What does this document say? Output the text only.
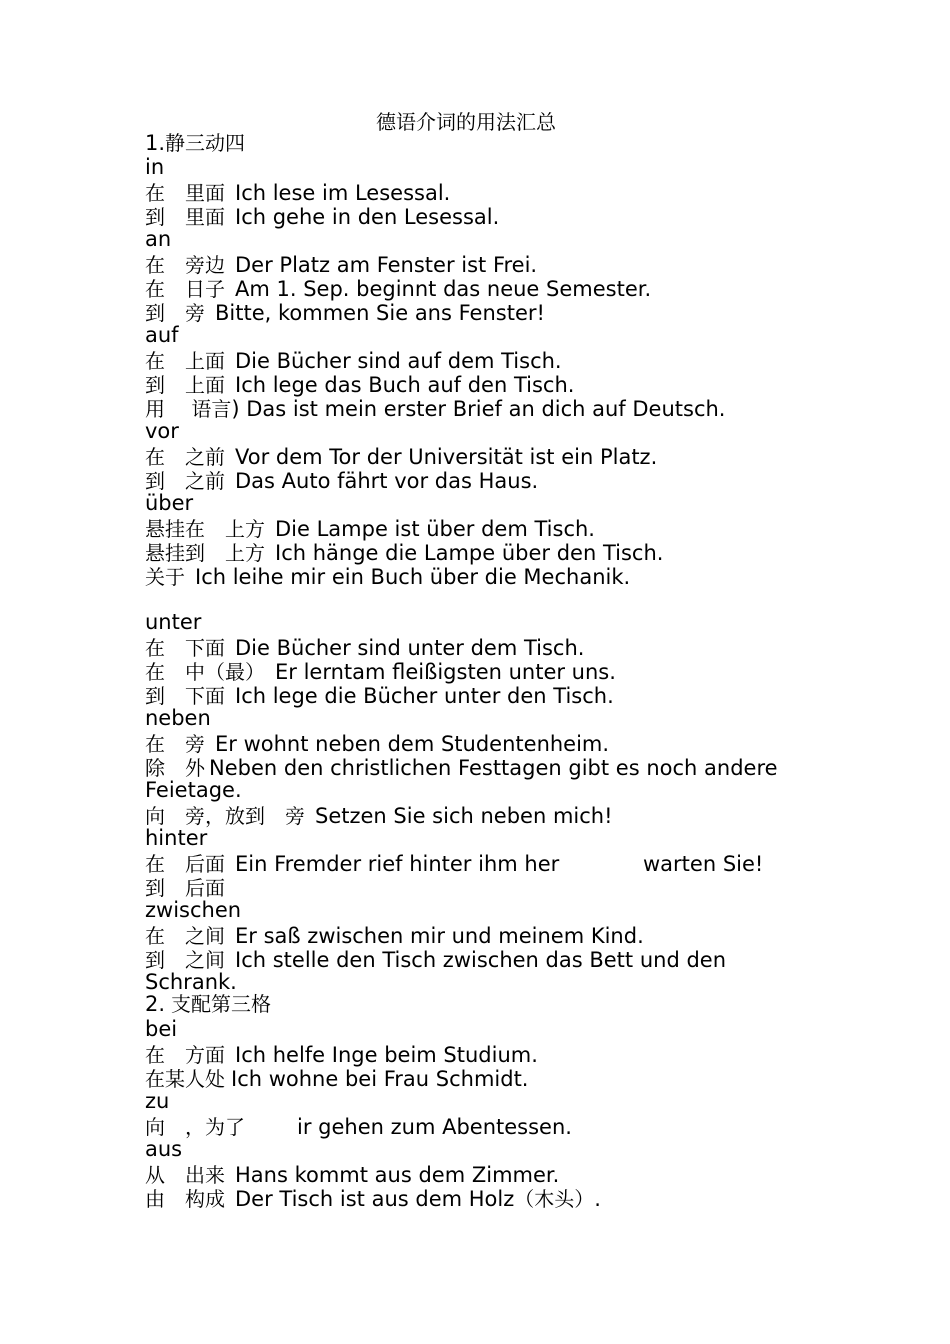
德语介词的用法汇总
1.静三动四
in
在　里面 Ich lese im Lesessal.
到　里面 Ich gehe in den Lesessal.
an
在　旁边 Der Platz am Fenster ist Frei.
在　日子 Am 1. Sep. beginnt das neue Semester.
到　旁 Bitte, kommen Sie ans Fenster!
auf
在　上面 Die Bücher sind auf dem Tisch.
到　上面 Ich lege das Buch auf den Tisch.
用　 语言) Das ist mein erster Brief an dich auf Deutsch.
vor
在　之前 Vor dem Tor der Universität ist ein Platz.
到　之前 Das Auto fährt vor das Haus.
über
悬挂在　上方 Die Lampe ist über dem Tisch.
悬挂到　上方 Ich hänge die Lampe über den Tisch.
关于 Ich leihe mir ein Buch über die Mechanik.
unter
在　下面 Die Bücher sind unter dem Tisch.
在　中（最） Er lerntam fleißigsten unter uns.
到　下面 Ich lege die Bücher unter den Tisch.
neben
在　旁 Er wohnt neben dem Studentenheim.
除　外 Neben den christlichen Festtagen gibt es noch andere
Feietage.
向　旁，放到　旁 Setzen Sie sich neben mich!
hinter
在　后面 Ein Fremder rief hinter ihm her	warten Sie!
到　后面
zwischen
在　之间 Er saß zwischen mir und meinem Kind.
到　之间 Ich stelle den Tisch zwischen das Bett und den
Schrank.
2. 支配第三格
bei
在　方面 Ich helfe Inge beim Studium.
在某人处 Ich wohne bei Frau Schmidt.
zu
向　，为了 ir gehen zum Abentessen.
aus
从　出来 Hans kommt aus dem Zimmer.
由　构成 Der Tisch ist aus dem Holz（木头）.
